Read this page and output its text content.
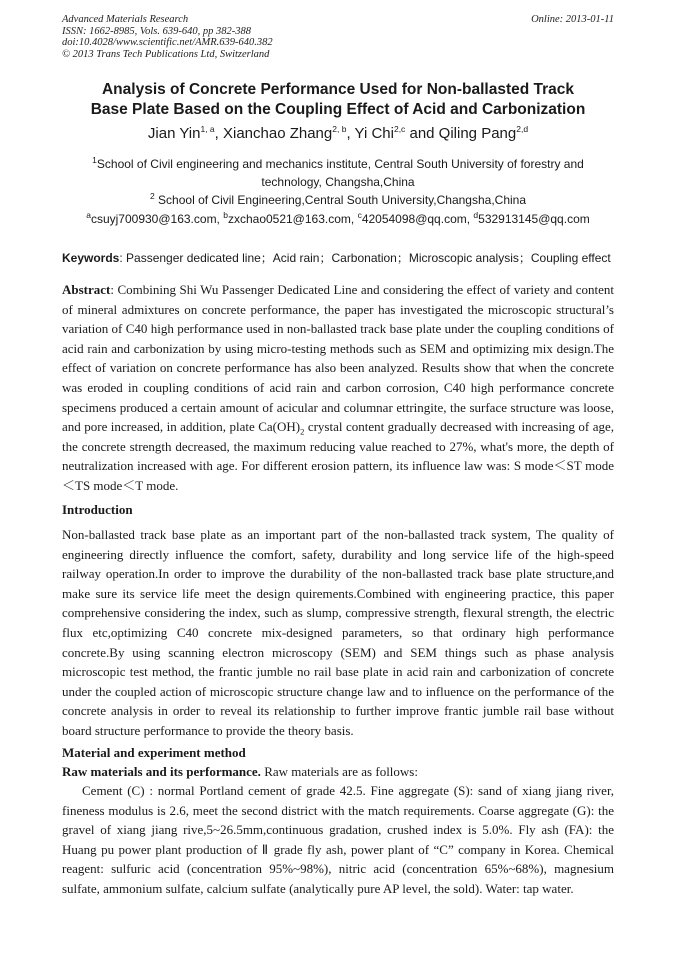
Advanced Materials Research
ISSN: 1662-8985, Vols. 639-640, pp 382-388
doi:10.4028/www.scientific.net/AMR.639-640.382
© 2013 Trans Tech Publications Ltd, Switzerland
Online: 2013-01-11
Analysis of Concrete Performance Used for Non-ballasted Track
Base Plate Based on the Coupling Effect of Acid and Carbonization
Jian Yin$^{1, a}$, Xianchao Zhang$^{2, b}$, Yi Chi$^{2,c}$ and Qiling Pang$^{2,d}$
$^1$School of Civil engineering and mechanics institute, Central South University of forestry and
technology, Changsha,China
$^2$ School of Civil Engineering,Central South University,Changsha,China
$^a$csuyj700930@163.com, $^b$zxchao0521@163.com, $^c$42054098@qq.com, $^d$532913145@qq.com
Keywords: Passenger dedicated line；Acid rain；Carbonation；Microscopic analysis；Coupling effect

Abstract: Combining Shi Wu Passenger Dedicated Line and considering the effect of variety and content of mineral admixtures on concrete performance, the paper has investigated the microscopic structural’s variation of C40 high performance used in non-ballasted track base plate under the coupling conditions of acid rain and carbonization by using micro-testing methods such as SEM and optimizing mix design.The effect of variation on concrete performance has also been analyzed. Results show that when the concrete was eroded in coupling conditions of acid rain and carbon corrosion, C40 high performance concrete specimens produced a certain amount of acicular and columnar ettringite, the surface structure was loose, and pore increased, in addition, plate $Ca(OH)_2$ crystal content gradually decreased with increasing of age, the concrete strength decreased, the maximum reducing value reached to 27%, what's more, the depth of neutralization increased with age. For different erosion pattern, its influence law was: S mode＜ST mode＜TS mode＜T mode.

Introduction

Non-ballasted track base plate as an important part of the non-ballasted track system, The quality of engineering directly influence the comfort, safety, durability and long service life of the high-speed railway operation.In order to improve the durability of the non-ballasted track base plate structure,and make sure its service life meet the design quirements.Combined with engineering practice, this paper comprehensive considering the index, such as slump, compressive strength, flexural strength, the electric flux etc,optimizing C40 concrete mix-designed parameters, so that ordinary high performance concrete.By using scanning electron microscopy (SEM) and SEM things such as phase analysis microscopic test method, the frantic jumble no rail base plate in acid rain and carbonization of concrete under the coupled action of microscopic structure change law and to influence on the performance of the concrete analysis in order to reveal its relationship to further improve frantic jumble rail base without board structure performance to provide the theory basis.

Material and experiment method

Raw materials and its performance. Raw materials are as follows:

Cement (C) : normal Portland cement of grade 42.5. Fine aggregate (S): sand of xiang jiang river, fineness modulus is 2.6, meet the second district with the match requirements. Coarse aggregate (G): the gravel of xiang jiang rive,5~26.5mm,continuous gradation, crushed index is 5.0%. Fly ash (FA): the Huang pu power plant production of Ⅱ grade fly ash, power plant of “C” company in Korea. Chemical reagent: sulfuric acid (concentration 95%~98%), nitric acid (concentration 65%~68%), magnesium sulfate, ammonium sulfate, calcium sulfate (analytically pure AP level, the sold). Water: tap water.
